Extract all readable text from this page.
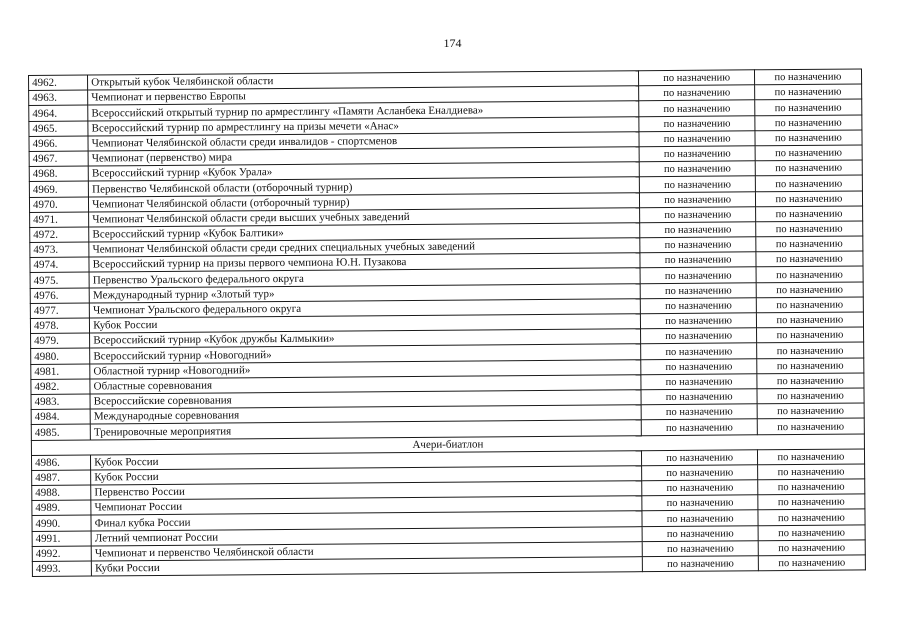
174
4962.	Открытый кубок Челябинской области	по назначению	по назначению
4963.	Чемпионат и первенство Европы	по назначению	по назначению
4964.	Всероссийский открытый турнир по армрестлингу «Памяти Асланбека Еналдиева»	по назначению	по назначению
4965.	Всероссийский турнир по армрестлингу на призы мечети «Анас»	по назначению	по назначению
4966.	Чемпионат Челябинской области среди инвалидов - спортсменов	по назначению	по назначению
4967.	Чемпионат (первенство) мира	по назначению	по назначению
4968.	Всероссийский турнир «Кубок Урала»	по назначению	по назначению
4969.	Первенство Челябинской области (отборочный турнир)	по назначению	по назначению
4970.	Чемпионат Челябинской области (отборочный турнир)	по назначению	по назначению
4971.	Чемпионат Челябинской области среди высших учебных заведений	по назначению	по назначению
4972.	Всероссийский турнир «Кубок Балтики»	по назначению	по назначению
4973.	Чемпионат Челябинской области среди средних специальных учебных заведений	по назначению	по назначению
4974.	Всероссийский турнир на призы первого чемпиона Ю.Н. Пузакова	по назначению	по назначению
4975.	Первенство Уральского федерального округа	по назначению	по назначению
4976.	Международный турнир «Злотый тур»	по назначению	по назначению
4977.	Чемпионат Уральского федерального округа	по назначению	по назначению
4978.	Кубок России	по назначению	по назначению
4979.	Всероссийский турнир «Кубок дружбы Калмыкии»	по назначению	по назначению
4980.	Всероссийский турнир «Новогодний»	по назначению	по назначению
4981.	Областной турнир «Новогодний»	по назначению	по назначению
4982.	Областные соревнования	по назначению	по назначению
4983.	Всероссийские соревнования	по назначению	по назначению
4984.	Международные соревнования	по назначению	по назначению
4985.	Тренировочные мероприятия	по назначению	по назначению
Ачери-биатлон			
4986.	Кубок России	по назначению	по назначению
4987.	Кубок России	по назначению	по назначению
4988.	Первенство России	по назначению	по назначению
4989.	Чемпионат России	по назначению	по назначению
4990.	Финал кубка России	по назначению	по назначению
4991.	Летний чемпионат России	по назначению	по назначению
4992.	Чемпионат и первенство Челябинской области	по назначению	по назначению
4993.	Кубки России	по назначению	по назначению
